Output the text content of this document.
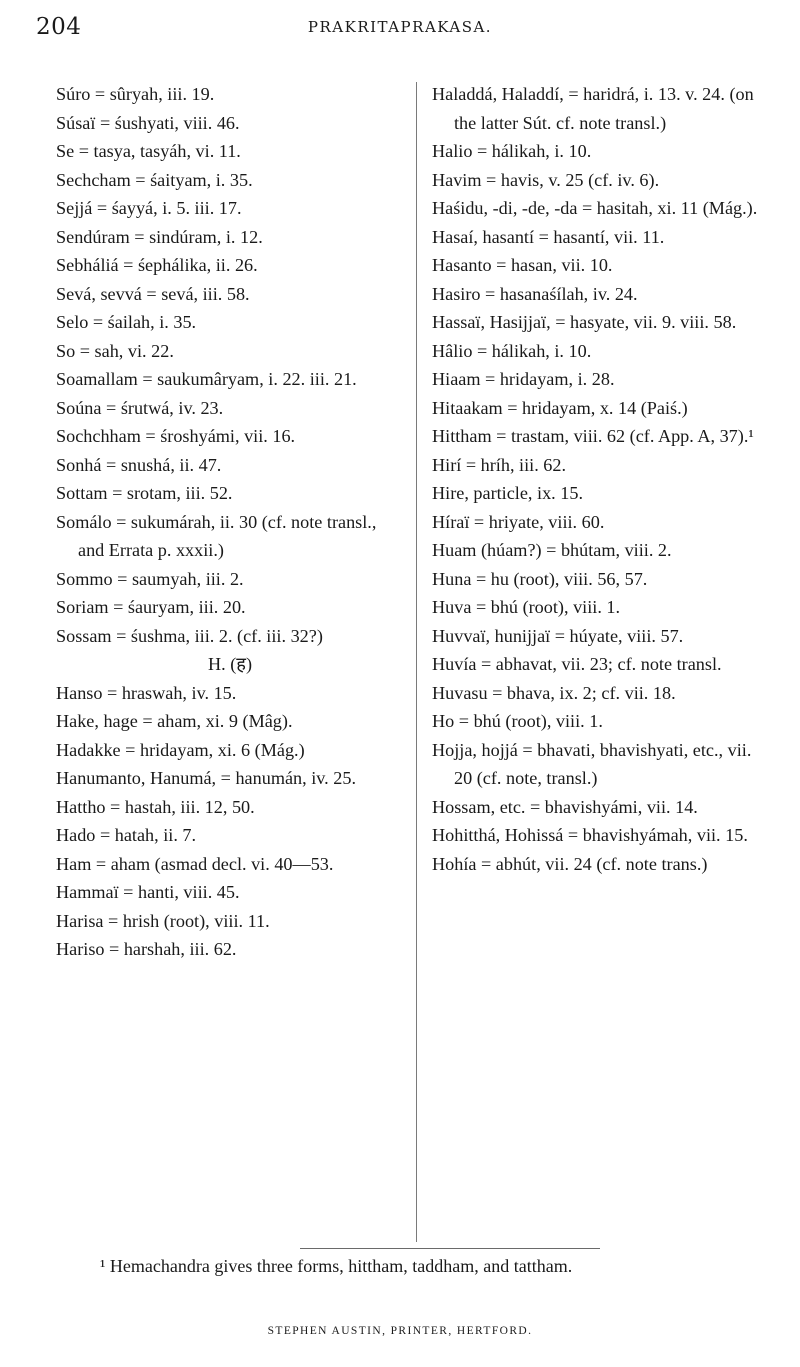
204	PRAKRITAPRAKASA.
Súro = sûryah, iii. 19.
Súsaï = śushyati, viii. 46.
Se = tasya, tasyáh, vi. 11.
Sechcham = śaityam, i. 35.
Sejjá = śayyá, i. 5. iii. 17.
Sendúram = sindúram, i. 12.
Sebháliá = śephálika, ii. 26.
Sevá, sevvá = sevá, iii. 58.
Selo = śailah, i. 35.
So = sah, vi. 22.
Soamallam = saukumâryam, i. 22. iii. 21.
Soúna = śrutwá, iv. 23.
Sochchham = śroshyámi, vii. 16.
Sonhá = snushá, ii. 47.
Sottam = srotam, iii. 52.
Somálo = sukumárah, ii. 30 (cf. note transl., and Errata p. xxxii.)
Sommo = saumyah, iii. 2.
Soriam = śauryam, iii. 20.
Sossam = śushma, iii. 2. (cf. iii. 32?)
H. (ह)
Hanso = hraswah, iv. 15.
Hake, hage = aham, xi. 9 (Mâg).
Hadakke = hridayam, xi. 6 (Mág.)
Hanumanto, Hanumá, = hanumán, iv. 25.
Hattho = hastah, iii. 12, 50.
Hado = hatah, ii. 7.
Ham = aham (asmad decl. vi. 40—53.
Hammaï = hanti, viii. 45.
Harisa = hrish (root), viii. 11.
Hariso = harshah, iii. 62.
Haladdá, Haladdí, = haridrá, i. 13. v. 24. (on the latter Sút. cf. note transl.)
Halio = hálikah, i. 10.
Havim = havis, v. 25 (cf. iv. 6).
Haśidu, -di, -de, -da = hasitah, xi. 11 (Mág.).
Hasaí, hasantí = hasantí, vii. 11.
Hasanto = hasan, vii. 10.
Hasiro = hasanaśílah, iv. 24.
Hassaï, Hasijjaï, = hasyate, vii. 9. viii. 58.
Hâlio = hálikah, i. 10.
Hiaam = hridayam, i. 28.
Hitaakam = hridayam, x. 14 (Paiś.)
Hittham = trastam, viii. 62 (cf. App. A, 37).¹
Hirí = hríh, iii. 62.
Hire, particle, ix. 15.
Híraï = hriyate, viii. 60.
Huam (húam?) = bhútam, viii. 2.
Huna = hu (root), viii. 56, 57.
Huva = bhú (root), viii. 1.
Huvvaï, hunijjaï = húyate, viii. 57.
Huvía = abhavat, vii. 23; cf. note transl.
Huvasu = bhava, ix. 2; cf. vii. 18.
Ho = bhú (root), viii. 1.
Hojja, hojjá = bhavati, bhavishyati, etc., vii. 20 (cf. note, transl.)
Hossam, etc. = bhavishyámi, vii. 14.
Hohitthá, Hohissá = bhavishyámah, vii. 15.
Hohía = abhút, vii. 24 (cf. note trans.)
¹ Hemachandra gives three forms, hittham, taddham, and tattham.
STEPHEN AUSTIN, PRINTER, HERTFORD.
